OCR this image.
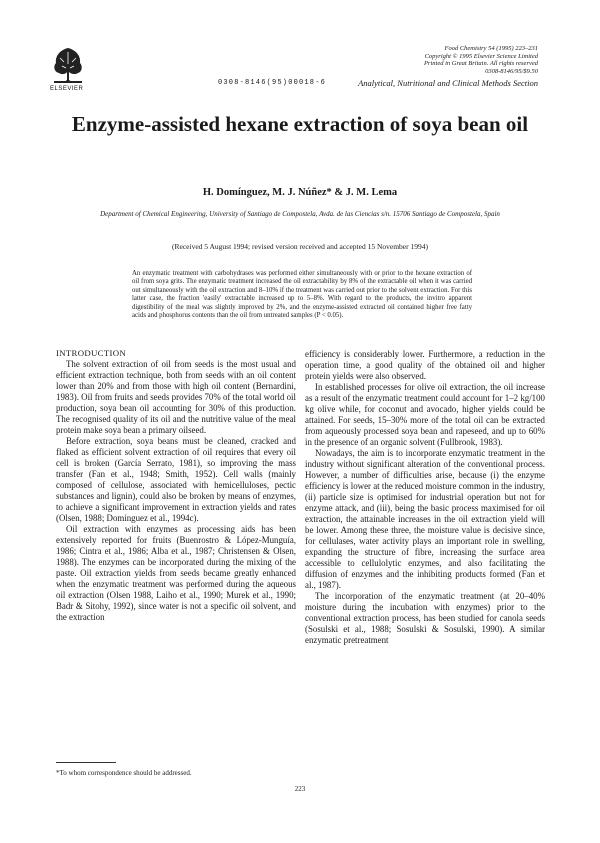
ELSEVIER
Food Chemistry 54 (1995) 223–231
Copyright © 1995 Elsevier Science Limited
Printed in Great Britain. All rights reserved
0308-8146/95/$9.50
0308-8146(95)00018-6	Analytical, Nutritional and Clinical Methods Section
Enzyme-assisted hexane extraction of soya bean oil
H. Domínguez, M. J. Núñez* & J. M. Lema
Department of Chemical Engineering, University of Santiago de Compostela, Avda. de las Ciencias s/n. 15706 Santiago de Compostela, Spain
(Received 5 August 1994; revised version received and accepted 15 November 1994)
An enzymatic treatment with carbohydrases was performed either simultaneously with or prior to the hexane extraction of oil from soya grits. The enzymatic treatment increased the oil extractability by 8% of the extractable oil when it was carried out simultaneously with the oil extraction and 8–10% if the treatment was carried out prior to the solvent extraction. For this latter case, the fraction 'easily' extractable increased up to 5–8%. With regard to the products, the invitro apparent digestibility of the meal was slightly improved by 2%, and the enzyme-assisted extracted oil contained higher free fatty acids and phosphorus contents than the oil from untreated samples (P < 0.05).

INTRODUCTION

The solvent extraction of oil from seeds is the most usual and efficient extraction technique, both from seeds with an oil content lower than 20% and from those with high oil content (Bernardini, 1983). Oil from fruits and seeds provides 70% of the total world oil production, soya bean oil accounting for 30% of this production. The recognised quality of its oil and the nutritive value of the meal protein make soya bean a primary oilseed.

Before extraction, soya beans must be cleaned, cracked and flaked as efficient solvent extraction of oil requires that every oil cell is broken (García Serrato, 1981), so improving the mass transfer (Fan et al., 1948; Smith, 1952). Cell walls (mainly composed of cellulose, associated with hemicelluloses, pectic substances and lignin), could also be broken by means of enzymes, to achieve a significant improvement in extraction yields and rates (Olsen, 1988; Domínguez et al., 1994c).

Oil extraction with enzymes as processing aids has been extensively reported for fruits (Buenrostro & López-Munguía, 1986; Cintra et al., 1986; Alba et al., 1987; Christensen & Olsen, 1988). The enzymes can be incorporated during the mixing of the paste. Oil extraction yields from seeds became greatly enhanced when the enzymatic treatment was performed during the aqueous oil extraction (Olsen 1988, Laiho et al., 1990; Murek et al., 1990; Badr & Sitohy, 1992), since water is not a specific oil solvent, and the extraction

efficiency is considerably lower. Furthermore, a reduction in the operation time, a good quality of the obtained oil and higher protein yields were also observed.

In established processes for olive oil extraction, the oil increase as a result of the enzymatic treatment could account for 1–2 kg/100 kg olive while, for coconut and avocado, higher yields could be attained. For seeds, 15–30% more of the total oil can be extracted from aqueously processed soya bean and rapeseed, and up to 60% in the presence of an organic solvent (Fullbrook, 1983).

Nowadays, the aim is to incorporate enzymatic treatment in the industry without significant alteration of the conventional process. However, a number of difficulties arise, because (i) the enzyme efficiency is lower at the reduced moisture common in the industry, (ii) particle size is optimised for industrial operation but not for enzyme attack, and (iii), being the basic process maximised for oil extraction, the attainable increases in the oil extraction yield will be lower. Among these three, the moisture value is decisive since, for cellulases, water activity plays an important role in swelling, expanding the structure of fibre, increasing the surface area accessible to cellulolytic enzymes, and also facilitating the diffusion of enzymes and the inhibiting products formed (Fan et al., 1987).

The incorporation of the enzymatic treatment (at 20–40% moisture during the incubation with enzymes) prior to the conventional extraction process, has been studied for canola seeds (Sosulski et al., 1988; Sosulski & Sosulski, 1990). A similar enzymatic pretreatment

*To whom correspondence should be addressed.
223
